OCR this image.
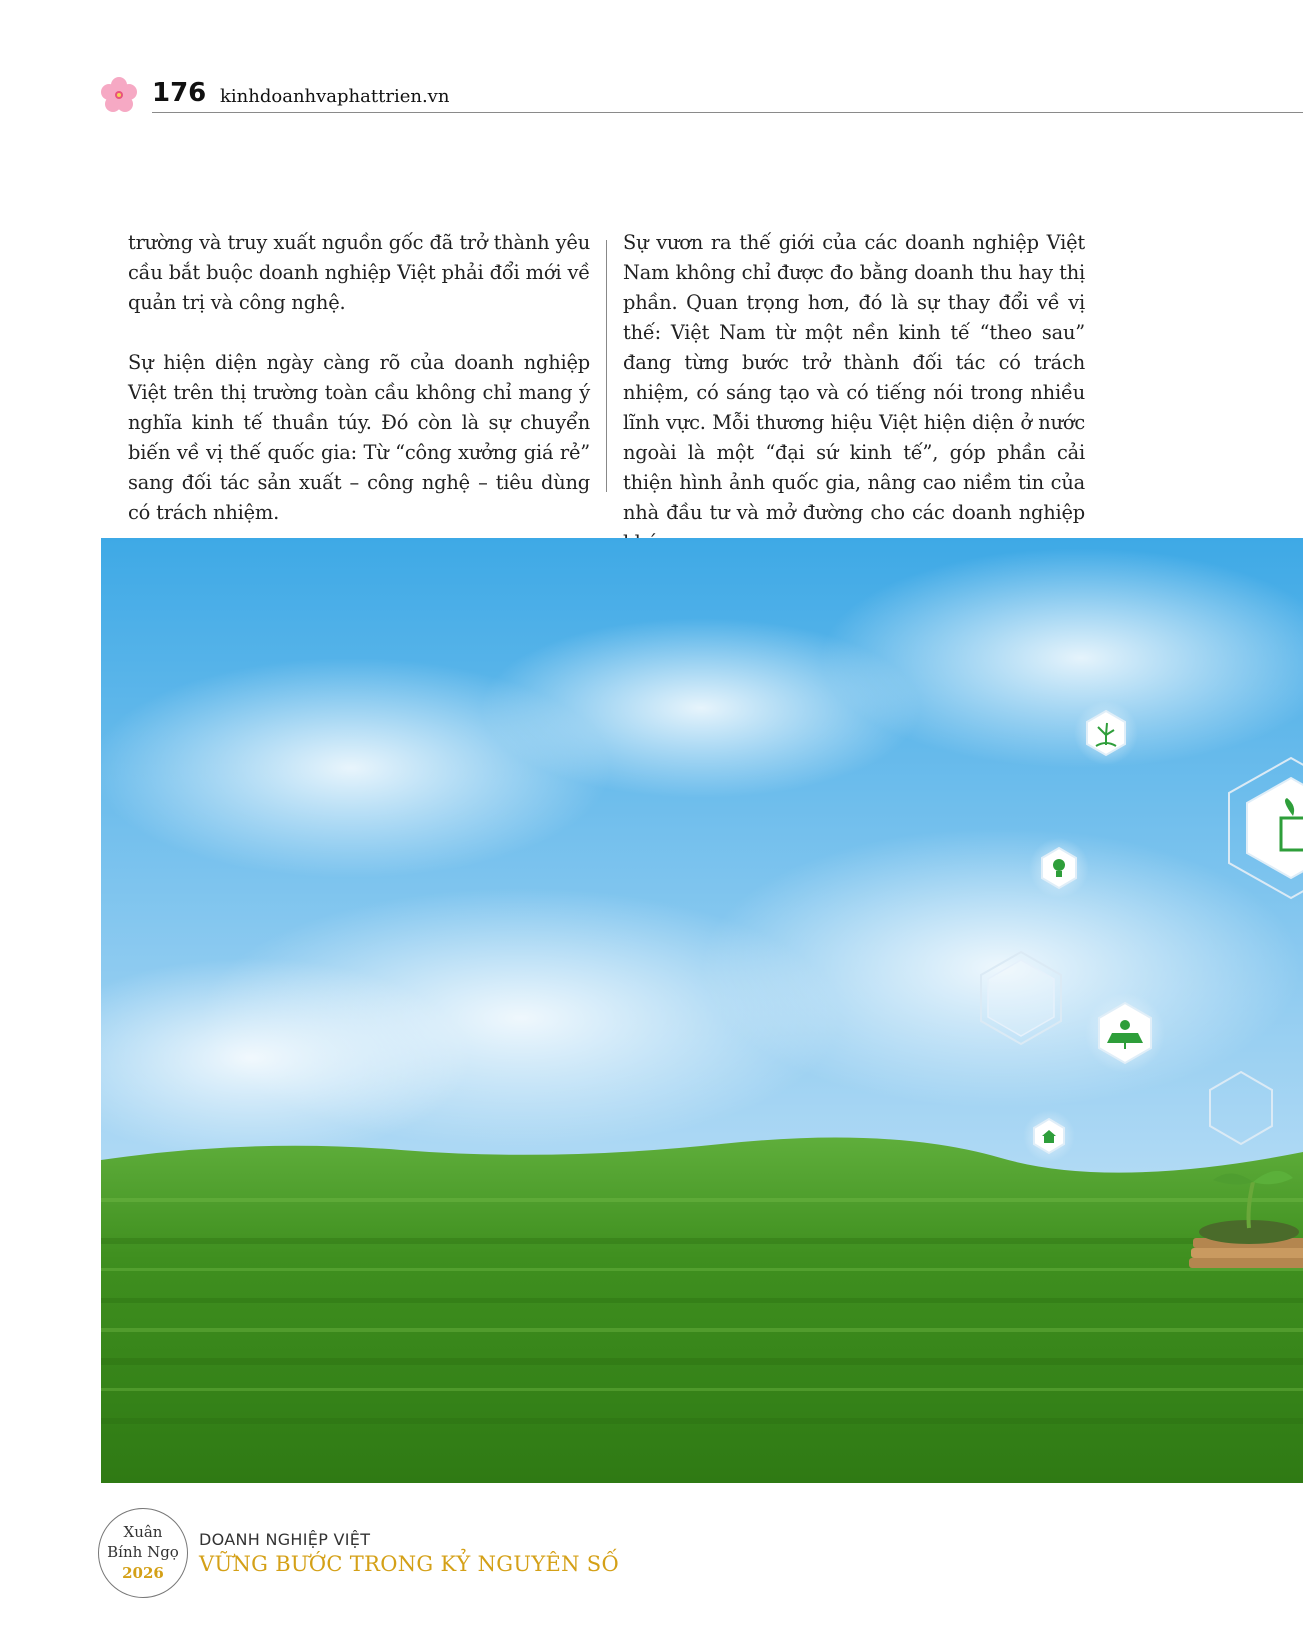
176 kinhdoanhvaphattrien.vn

trường và truy xuất nguồn gốc đã trở thành yêu cầu bắt buộc doanh nghiệp Việt phải đổi mới về quản trị và công nghệ.

Sự hiện diện ngày càng rõ của doanh nghiệp Việt trên thị trường toàn cầu không chỉ mang ý nghĩa kinh tế thuần túy. Đó còn là sự chuyển biến về vị thế quốc gia: Từ “công xưởng giá rẻ” sang đối tác sản xuất – công nghệ – tiêu dùng có trách nhiệm.

Sự vươn ra thế giới của các doanh nghiệp Việt Nam không chỉ được đo bằng doanh thu hay thị phần. Quan trọng hơn, đó là sự thay đổi về vị thế: Việt Nam từ một nền kinh tế “theo sau” đang từng bước trở thành đối tác có trách nhiệm, có sáng tạo và có tiếng nói trong nhiều lĩnh vực. Mỗi thương hiệu Việt hiện diện ở nước ngoài là một “đại sứ kinh tế”, góp phần cải thiện hình ảnh quốc gia, nâng cao niềm tin của nhà đầu tư và mở đường cho các doanh nghiệp

Xuân
Bính Ngọ
2026
DOANH NGHIỆP VIỆT
VỮNG BƯỚC TRONG KỶ NGUYÊN SỐ
